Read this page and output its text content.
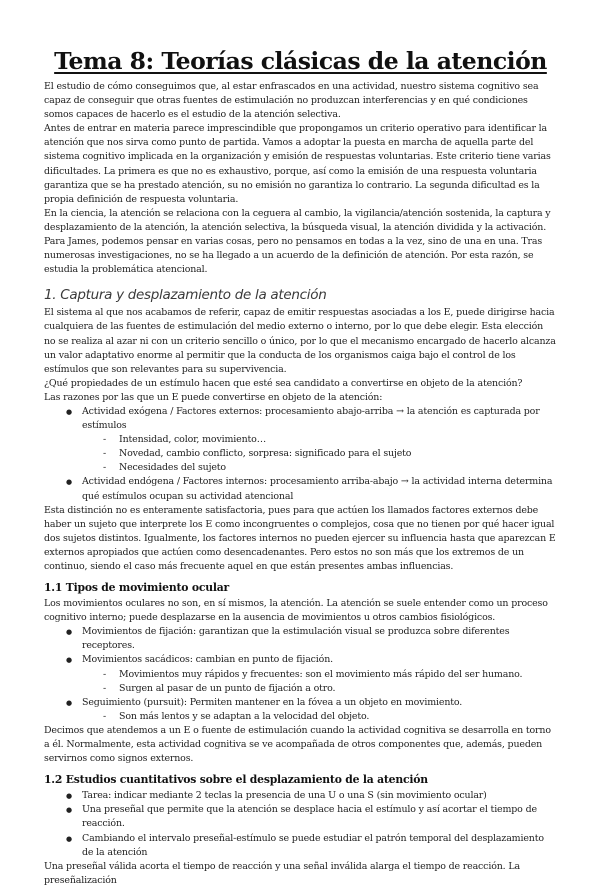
Tema 8: Teorías clásicas de la atención

El estudio de cómo conseguimos que, al estar enfrascados en una actividad, nuestro sistema cognitivo sea capaz de conseguir que otras fuentes de estimulación no produzcan interferencias y en qué condiciones somos capaces de hacerlo es el estudio de la atención selectiva.

Antes de entrar en materia parece imprescindible que propongamos un criterio operativo para identificar la atención que nos sirva como punto de partida. Vamos a adoptar la puesta en marcha de aquella parte del sistema cognitivo implicada en la organización y emisión de respuestas voluntarias. Este criterio tiene varias dificultades. La primera es que no es exhaustivo, porque, así como la emisión de una respuesta voluntaria garantiza que se ha prestado atención, su no emisión no garantiza lo contrario. La segunda dificultad es la propia definición de respuesta voluntaria.

En la ciencia, la atención se relaciona con la ceguera al cambio, la vigilancia/atención sostenida, la captura y desplazamiento de la atención, la atención selectiva, la búsqueda visual, la atención dividida y la activación.

Para James, podemos pensar en varias cosas, pero no pensamos en todas a la vez, sino de una en una. Tras numerosas investigaciones, no se ha llegado a un acuerdo de la definición de atención. Por esta razón, se estudia la problemática atencional.

1. Captura y desplazamiento de la atención

El sistema al que nos acabamos de referir, capaz de emitir respuestas asociadas a los E, puede dirigirse hacia cualquiera de las fuentes de estimulación del medio externo o interno, por lo que debe elegir. Esta elección no se realiza al azar ni con un criterio sencillo o único, por lo que el mecanismo encargado de hacerlo alcanza un valor adaptativo enorme al permitir que la conducta de los organismos caiga bajo el control de los estímulos que son relevantes para su supervivencia.

¿Qué propiedades de un estímulo hacen que esté sea candidato a convertirse en objeto de la atención?

Las razones por las que un E puede convertirse en objeto de la atención:

● Actividad exógena / Factores externos: procesamiento abajo-arriba → la atención es capturada por estímulos
- Intensidad, color, movimiento…
- Novedad, cambio conflicto, sorpresa: significado para el sujeto
- Necesidades del sujeto
● Actividad endógena / Factores internos: procesamiento arriba-abajo → la actividad interna determina qué estímulos ocupan su actividad atencional

Esta distinción no es enteramente satisfactoria, pues para que actúen los llamados factores externos debe haber un sujeto que interprete los E como incongruentes o complejos, cosa que no tienen por qué hacer igual dos sujetos distintos. Igualmente, los factores internos no pueden ejercer su influencia hasta que aparezcan E externos apropiados que actúen como desencadenantes. Pero estos no son más que los extremos de un continuo, siendo el caso más frecuente aquel en que están presentes ambas influencias.

1.1 Tipos de movimiento ocular

Los movimientos oculares no son, en sí mismos, la atención. La atención se suele entender como un proceso cognitivo interno; puede desplazarse en la ausencia de movimientos u otros cambios fisiológicos.

● Movimientos de fijación: garantizan que la estimulación visual se produzca sobre diferentes receptores.
● Movimientos sacádicos: cambian en punto de fijación.
- Movimientos muy rápidos y frecuentes: son el movimiento más rápido del ser humano.
- Surgen al pasar de un punto de fijación a otro.
● Seguimiento (pursuit): Permiten mantener en la fóvea a un objeto en movimiento.
- Son más lentos y se adaptan a la velocidad del objeto.

Decimos que atendemos a un E o fuente de estimulación cuando la actividad cognitiva se desarrolla en torno a él. Normalmente, esta actividad cognitiva se ve acompañada de otros componentes que, además, pueden servirnos como signos externos.

1.2 Estudios cuantitativos sobre el desplazamiento de la atención
● Tarea: indicar mediante 2 teclas la presencia de una U o una S (sin movimiento ocular)
● Una preseñal que permite que la atención se desplace hacia el estímulo y así acortar el tiempo de reacción.
● Cambiando el intervalo preseñal-estímulo se puede estudiar el patrón temporal del desplazamiento de la atención

Una preseñal válida acorta el tiempo de reacción y una señal inválida alarga el tiempo de reacción. La preseñalización
